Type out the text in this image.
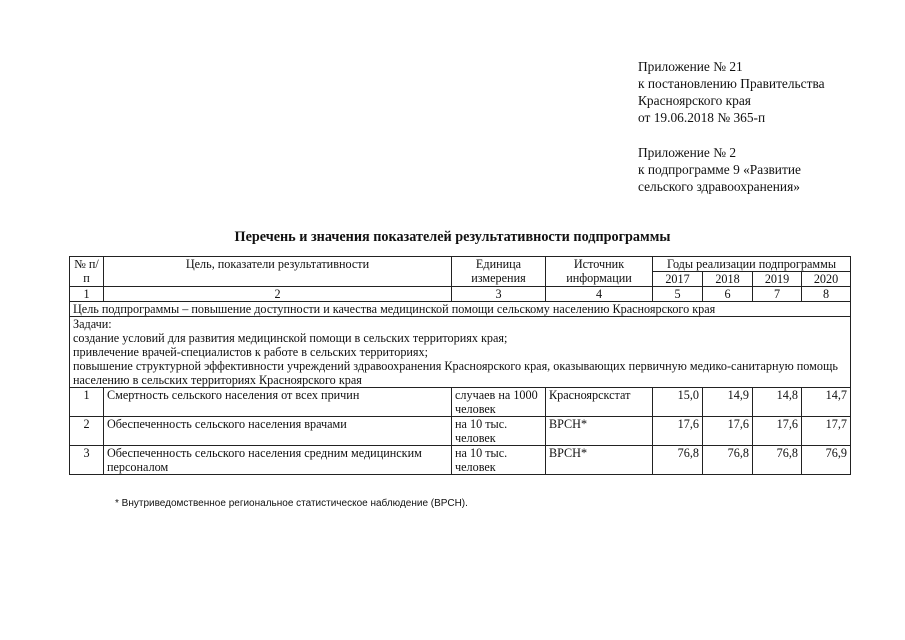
Приложение № 21
к постановлению Правительства
Красноярского края
от 19.06.2018 № 365-п
Приложение № 2
к подпрограмме 9 «Развитие
сельского здравоохранения»
Перечень и значения показателей результативности подпрограммы
№ п/п	Цель, показатели результативности	Единица измерения	Источник информации	Годы реализации подпрограммы			
				2017	2018	2019	2020
1	2	3	4	5	6	7	8
Цель подпрограммы – повышение доступности и качества медицинской помощи сельскому населению Красноярского края							

Задачи:
создание условий для развития медицинской помощи в сельских территориях края;
привлечение врачей-специалистов к работе в сельских территориях;
повышение структурной эффективности учреждений здравоохранения Красноярского края, оказывающих первичную медико-санитарную помощь населению в сельских территориях Красноярского края							

1	Смертность сельского населения от всех причин	случаев на 1000 человек	Красноярскстат	15,0	14,9	14,8	14,7
2	Обеспеченность сельского населения врачами	на 10 тыс. человек	ВРСН*	17,6	17,6	17,6	17,7
3	Обеспеченность сельского населения средним медицинским персоналом	на 10 тыс. человек	ВРСН*	76,8	76,8	76,8	76,9
* Внутриведомственное региональное статистическое наблюдение (ВРСН).
